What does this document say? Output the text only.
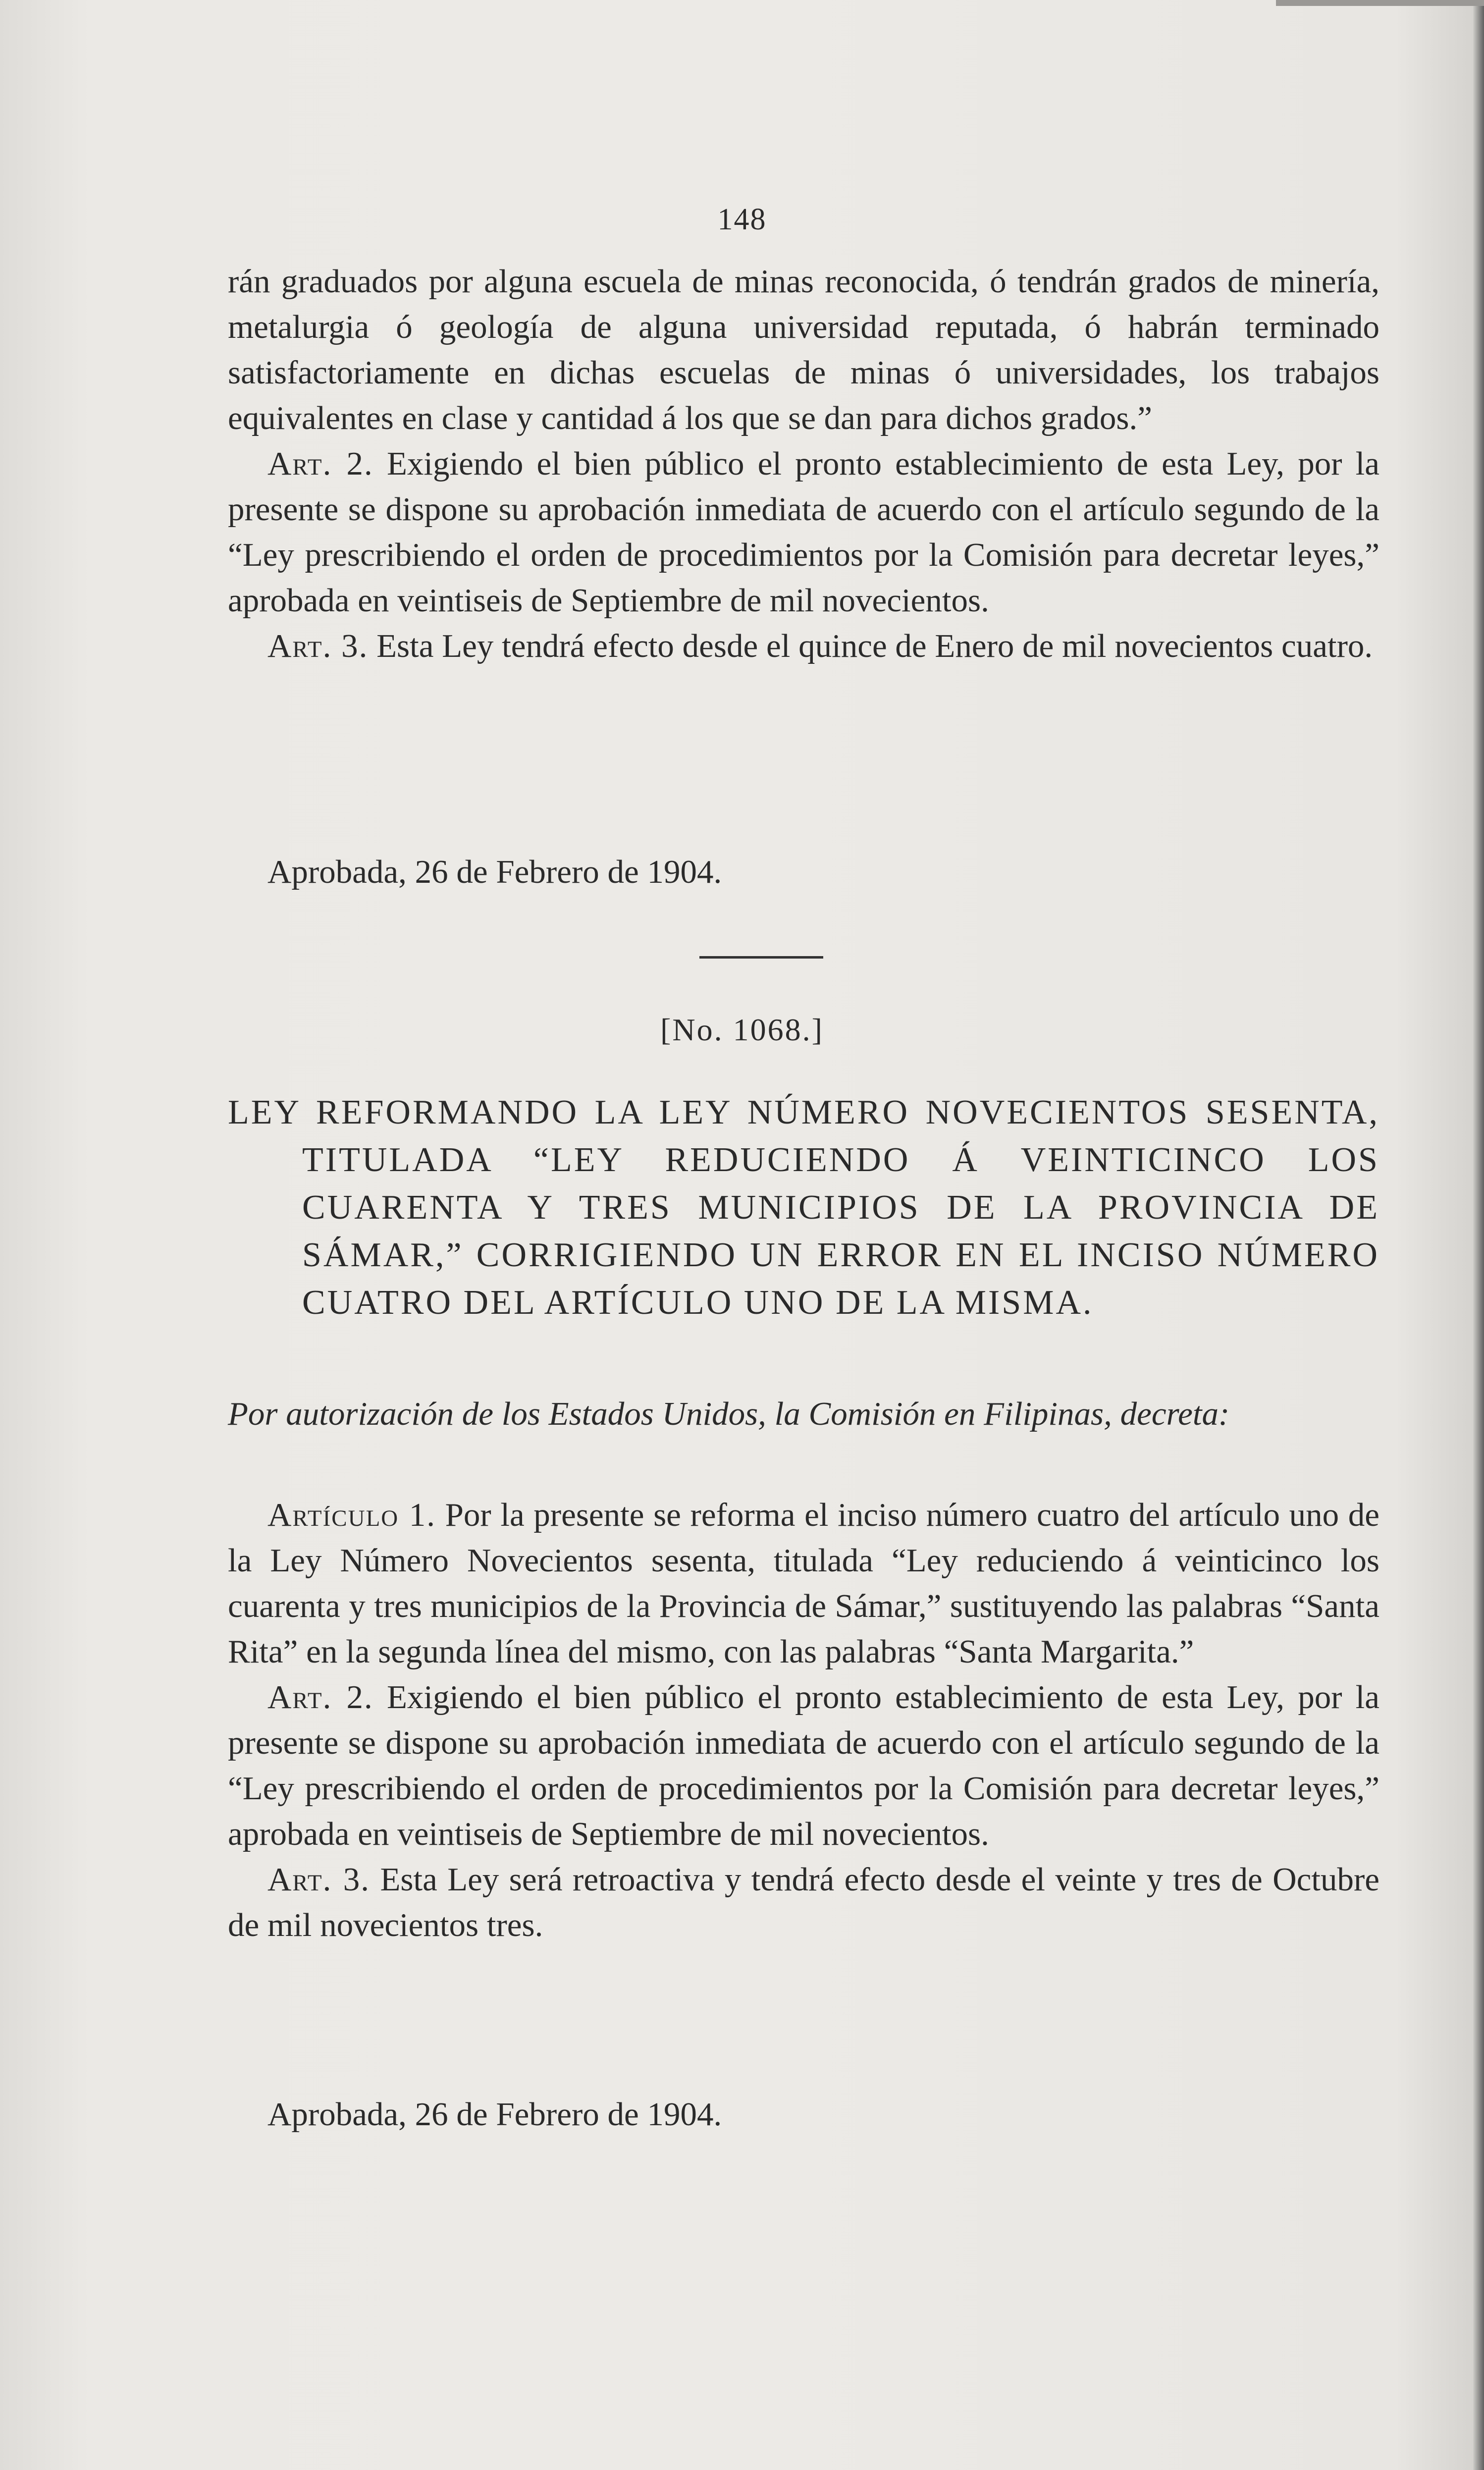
148

rán graduados por alguna escuela de minas reconocida, ó tendrán grados de minería, metalurgia ó geología de alguna universidad reputada, ó habrán terminado satisfactoriamente en dichas escuelas de minas ó universidades, los trabajos equivalentes en clase y cantidad á los que se dan para dichos grados.”

Art. 2. Exigiendo el bien público el pronto establecimiento de esta Ley, por la presente se dispone su aprobación inmediata de acuerdo con el artículo segundo de la “Ley prescribiendo el orden de procedimientos por la Comisión para decretar leyes,” aprobada en veintiseis de Septiembre de mil novecientos.

Art. 3. Esta Ley tendrá efecto desde el quince de Enero de mil novecientos cuatro.

Aprobada, 26 de Febrero de 1904.
[No. 1068.]
LEY REFORMANDO LA LEY NÚMERO NOVECIENTOS SESENTA, TITULADA “LEY REDUCIENDO Á VEINTICINCO LOS CUARENTA Y TRES MUNICIPIOS DE LA PROVINCIA DE SÁMAR,” CORRIGIENDO UN ERROR EN EL INCISO NÚMERO CUATRO DEL ARTÍCULO UNO DE LA MISMA.
Por autorización de los Estados Unidos, la Comisión en Filipinas, decreta:

Artículo 1. Por la presente se reforma el inciso número cuatro del artículo uno de la Ley Número Novecientos sesenta, titulada “Ley reduciendo á veinticinco los cuarenta y tres municipios de la Provincia de Sámar,” sustituyendo las palabras “Santa Rita” en la segunda línea del mismo, con las palabras “Santa Margarita.”

Art. 2. Exigiendo el bien público el pronto establecimiento de esta Ley, por la presente se dispone su aprobación inmediata de acuerdo con el artículo segundo de la “Ley prescribiendo el orden de procedimientos por la Comisión para decretar leyes,” aprobada en veintiseis de Septiembre de mil novecientos.

Art. 3. Esta Ley será retroactiva y tendrá efecto desde el veinte y tres de Octubre de mil novecientos tres.

Aprobada, 26 de Febrero de 1904.
